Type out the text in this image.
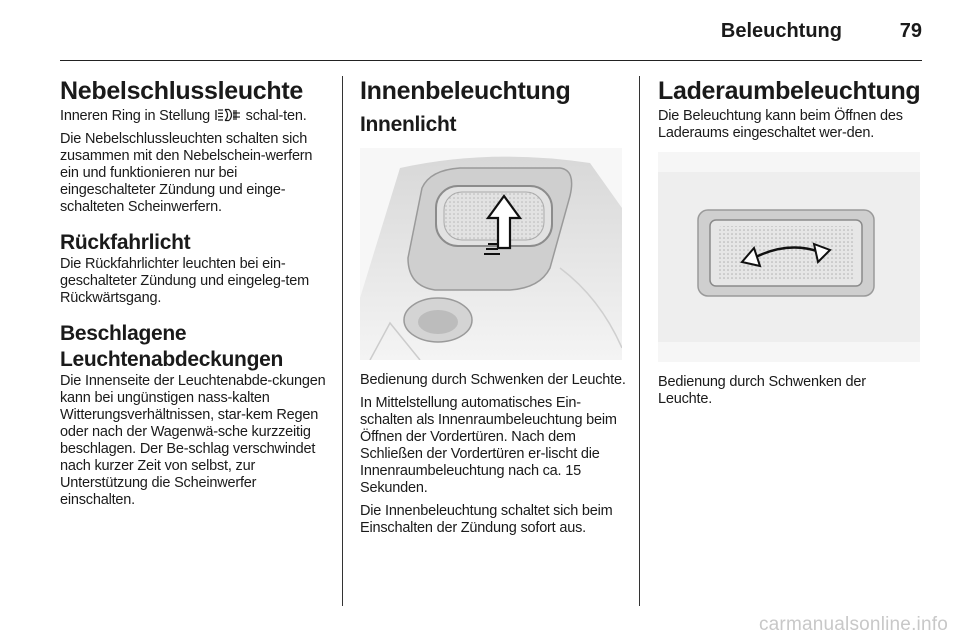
Beleuchtung	79
Nebelschlussleuchte

Inneren Ring in Stellung schal-ten.

Die Nebelschlussleuchten schalten sich zusammen mit den Nebelschein-werfern ein und funktionieren nur bei eingeschalteter Zündung und einge-schalteten Scheinwerfern.

Rückfahrlicht

Die Rückfahrlichter leuchten bei ein-geschalteter Zündung und eingeleg-tem Rückwärtsgang.

Beschlagene
Leuchtenabdeckungen

Die Innenseite der Leuchtenabde-ckungen kann bei ungünstigen nass-kalten Witterungsverhältnissen, star-kem Regen oder nach der Wagenwä-sche kurzzeitig beschlagen. Der Be-schlag verschwindet nach kurzer Zeit von selbst, zur Unterstützung die Scheinwerfer einschalten.

Innenbeleuchtung
Innenlicht

Bedienung durch Schwenken der Leuchte.

In Mittelstellung automatisches Ein-schalten als Innenraumbeleuchtung beim Öffnen der Vordertüren. Nach dem Schließen der Vordertüren er-lischt die Innenraumbeleuchtung nach ca. 15 Sekunden.

Die Innenbeleuchtung schaltet sich beim Einschalten der Zündung sofort aus.

Laderaumbeleuchtung

Die Beleuchtung kann beim Öffnen des Laderaums eingeschaltet wer-den.

Bedienung durch Schwenken der Leuchte.

carmanualsonline.info
